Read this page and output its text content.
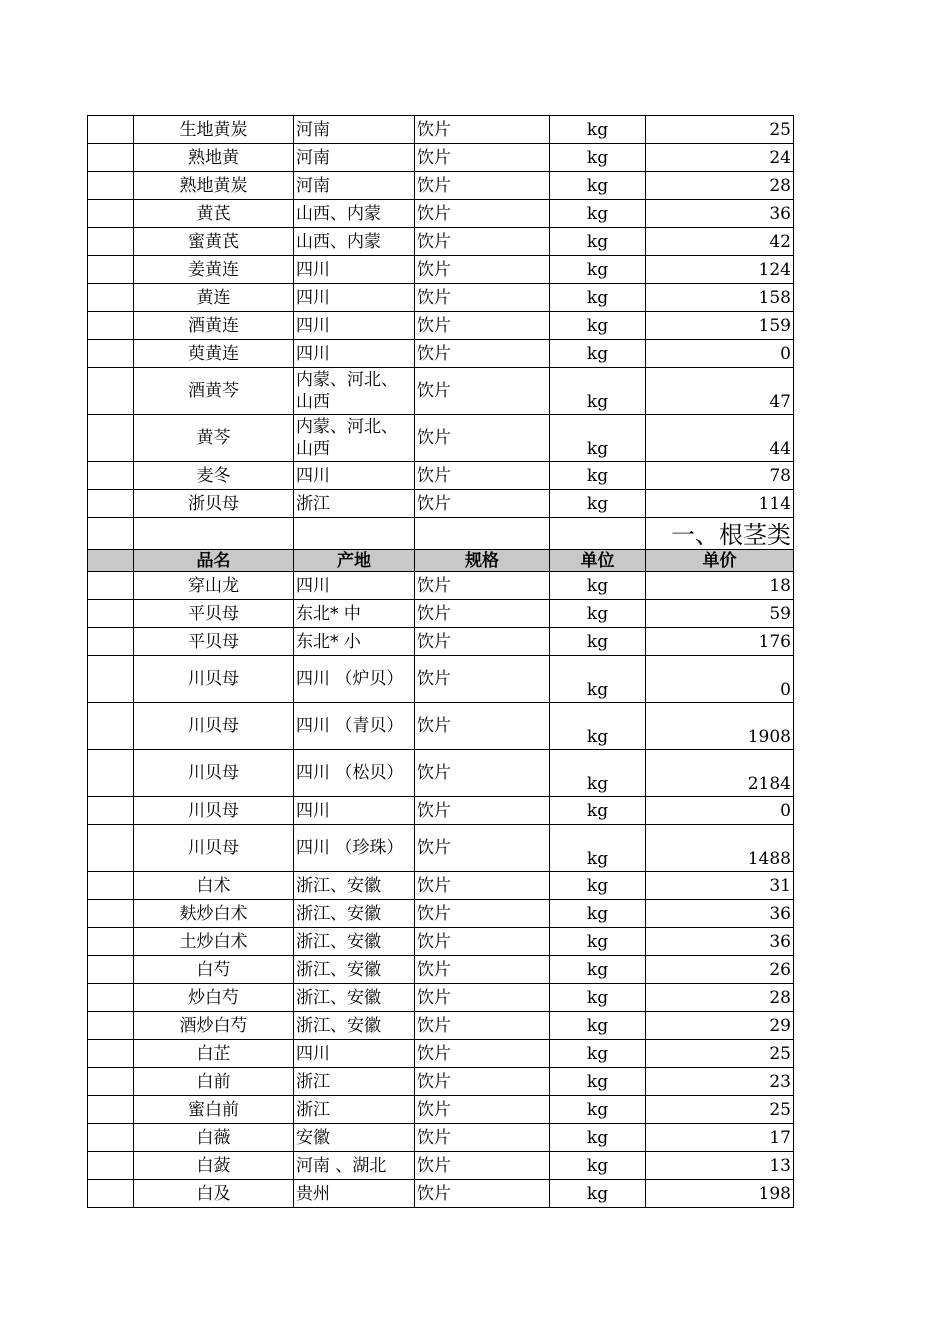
	生地黄炭	河南	饮片	kg	25
	熟地黄	河南	饮片	kg	24
	熟地黄炭	河南	饮片	kg	28
	黄芪	山西、内蒙	饮片	kg	36
	蜜黄芪	山西、内蒙	饮片	kg	42
	姜黄连	四川	饮片	kg	124
	黄连	四川	饮片	kg	158
	酒黄连	四川	饮片	kg	159
	萸黄连	四川	饮片	kg	0
	酒黄芩	内蒙、河北、山西	饮片	kg	47
	黄芩	内蒙、河北、山西	饮片	kg	44
	麦冬	四川	饮片	kg	78
	浙贝母	浙江	饮片	kg	114
					一、根茎类
	品名	产地	规格	单位	单价
	穿山龙	四川	饮片	kg	18
	平贝母	东北* 中	饮片	kg	59
	平贝母	东北* 小	饮片	kg	176
	川贝母	四川 （炉贝）	饮片	kg	0
	川贝母	四川 （青贝）	饮片	kg	1908
	川贝母	四川 （松贝）	饮片	kg	2184
	川贝母	四川	饮片	kg	0
	川贝母	四川 （珍珠）	饮片	kg	1488
	白术	浙江、安徽	饮片	kg	31
	麸炒白术	浙江、安徽	饮片	kg	36
	土炒白术	浙江、安徽	饮片	kg	36
	白芍	浙江、安徽	饮片	kg	26
	炒白芍	浙江、安徽	饮片	kg	28
	酒炒白芍	浙江、安徽	饮片	kg	29
	白芷	四川	饮片	kg	25
	白前	浙江	饮片	kg	23
	蜜白前	浙江	饮片	kg	25
	白薇	安徽	饮片	kg	17
	白蔹	河南 、湖北	饮片	kg	13
	白及	贵州	饮片	kg	198
